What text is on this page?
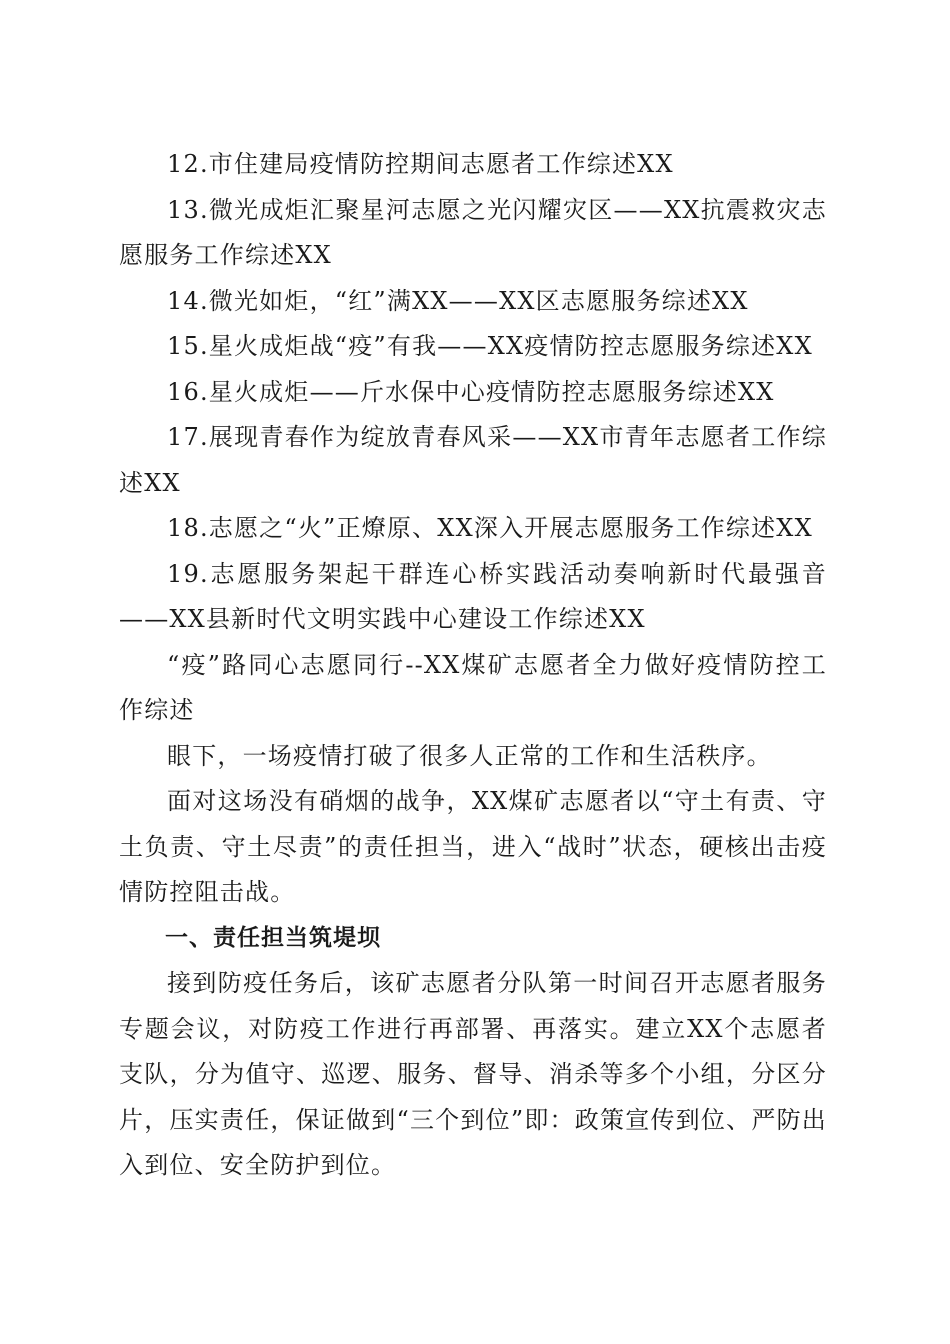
12.市住建局疫情防控期间志愿者工作综述XX

13.微光成炬汇聚星河志愿之光闪耀灾区——XX抗震救灾志愿服务工作综述XX

14.微光如炬，“红”满XX——XX区志愿服务综述XX

15.星火成炬战“疫”有我——XX疫情防控志愿服务综述XX

16.星火成炬——斤水保中心疫情防控志愿服务综述XX

17.展现青春作为绽放青春风采——XX市青年志愿者工作综述XX

18.志愿之“火”正燎原、XX深入开展志愿服务工作综述XX

19.志愿服务架起干群连心桥实践活动奏响新时代最强音——XX县新时代文明实践中心建设工作综述XX

“疫”路同心志愿同行--XX煤矿志愿者全力做好疫情防控工作综述

眼下，一场疫情打破了很多人正常的工作和生活秩序。

面对这场没有硝烟的战争，XX煤矿志愿者以“守土有责、守土负责、守土尽责”的责任担当，进入“战时”状态，硬核出击疫情防控阻击战。

一、责任担当筑堤坝

接到防疫任务后，该矿志愿者分队第一时间召开志愿者服务专题会议，对防疫工作进行再部署、再落实。建立XX个志愿者支队，分为值守、巡逻、服务、督导、消杀等多个小组，分区分片，压实责任，保证做到“三个到位”即：政策宣传到位、严防出入到位、安全防护到位。
